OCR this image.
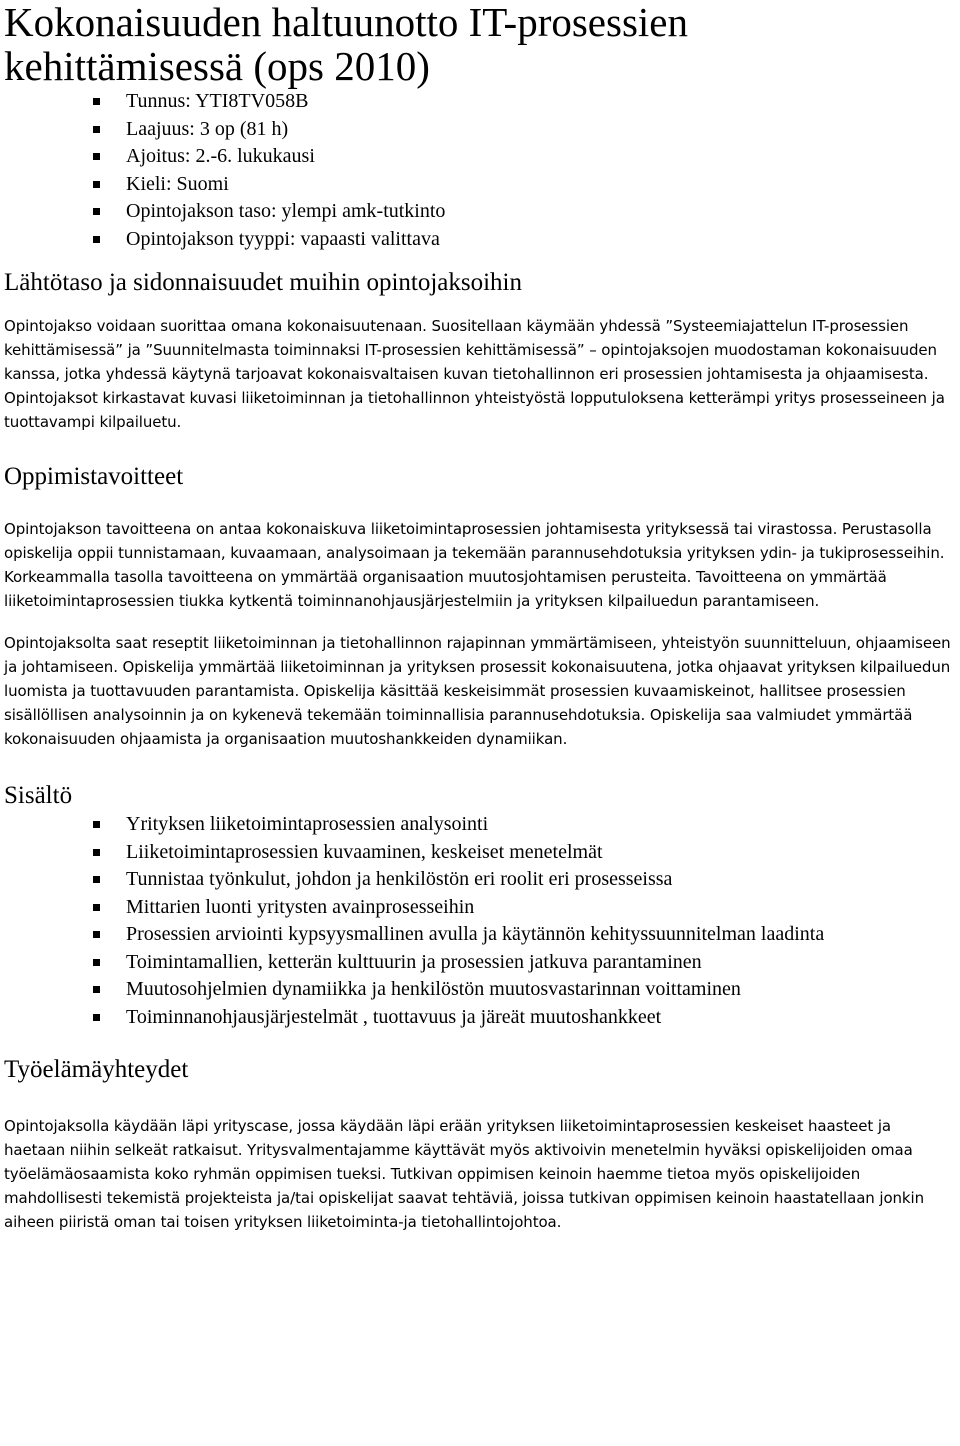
Kokonaisuuden haltuunotto IT-prosessien
kehittämisessä (ops 2010)
Tunnus: YTI8TV058B
Laajuus: 3 op (81 h)
Ajoitus: 2.-6. lukukausi
Kieli: Suomi
Opintojakson taso: ylempi amk-tutkinto
Opintojakson tyyppi: vapaasti valittava
Lähtötaso ja sidonnaisuudet muihin opintojaksoihin

Opintojakso voidaan suorittaa omana kokonaisuutenaan. Suositellaan käymään yhdessä ”Systeemiajattelun IT-prosessien kehittämisessä” ja ”Suunnitelmasta toiminnaksi IT-prosessien kehittämisessä” – opintojaksojen muodostaman kokonaisuuden kanssa, jotka yhdessä käytynä tarjoavat kokonaisvaltaisen kuvan tietohallinnon eri prosessien johtamisesta ja ohjaamisesta. Opintojaksot kirkastavat kuvasi liiketoiminnan ja tietohallinnon yhteistyöstä lopputuloksena ketterämpi yritys prosesseineen ja tuottavampi kilpailuetu.

Oppimistavoitteet

Opintojakson tavoitteena on antaa kokonaiskuva liiketoimintaprosessien johtamisesta yrityksessä tai virastossa. Perustasolla opiskelija oppii tunnistamaan, kuvaamaan, analysoimaan ja tekemään parannusehdotuksia yrityksen ydin- ja tukiprosesseihin. Korkeammalla tasolla tavoitteena on ymmärtää organisaation muutosjohtamisen perusteita. Tavoitteena on ymmärtää liiketoimintaprosessien tiukka kytkentä toiminnanohjausjärjestelmiin ja yrityksen kilpailuedun parantamiseen.

Opintojaksolta saat reseptit liiketoiminnan ja tietohallinnon rajapinnan ymmärtämiseen, yhteistyön suunnitteluun, ohjaamiseen ja johtamiseen. Opiskelija ymmärtää liiketoiminnan ja yrityksen prosessit kokonaisuutena, jotka ohjaavat yrityksen kilpailuedun luomista ja tuottavuuden parantamista. Opiskelija käsittää keskeisimmät prosessien kuvaamiskeinot, hallitsee prosessien sisällöllisen analysoinnin ja on kykenevä tekemään toiminnallisia parannusehdotuksia. Opiskelija saa valmiudet ymmärtää kokonaisuuden ohjaamista ja organisaation muutoshankkeiden dynamiikan.

Sisältö
Yrityksen liiketoimintaprosessien analysointi
Liiketoimintaprosessien kuvaaminen, keskeiset menetelmät
Tunnistaa työnkulut, johdon ja henkilöstön eri roolit eri prosesseissa
Mittarien luonti yritysten avainprosesseihin
Prosessien arviointi kypsyysmallinen avulla ja käytännön kehityssuunnitelman laadinta
Toimintamallien, ketterän kulttuurin ja prosessien jatkuva parantaminen
Muutosohjelmien dynamiikka ja henkilöstön muutosvastarinnan voittaminen
Toiminnanohjausjärjestelmät , tuottavuus ja järeät muutoshankkeet
Työelämäyhteydet

Opintojaksolla käydään läpi yrityscase, jossa käydään läpi erään yrityksen liiketoimintaprosessien keskeiset haasteet ja haetaan niihin selkeät ratkaisut. Yritysvalmentajamme käyttävät myös aktivoivin menetelmin hyväksi opiskelijoiden omaa työelämäosaamista koko ryhmän oppimisen tueksi. Tutkivan oppimisen keinoin haemme tietoa myös opiskelijoiden mahdollisesti tekemistä projekteista ja/tai opiskelijat saavat tehtäviä, joissa tutkivan oppimisen keinoin haastatellaan jonkin aiheen piiristä oman tai toisen yrityksen liiketoiminta-ja tietohallintojohtoa.
